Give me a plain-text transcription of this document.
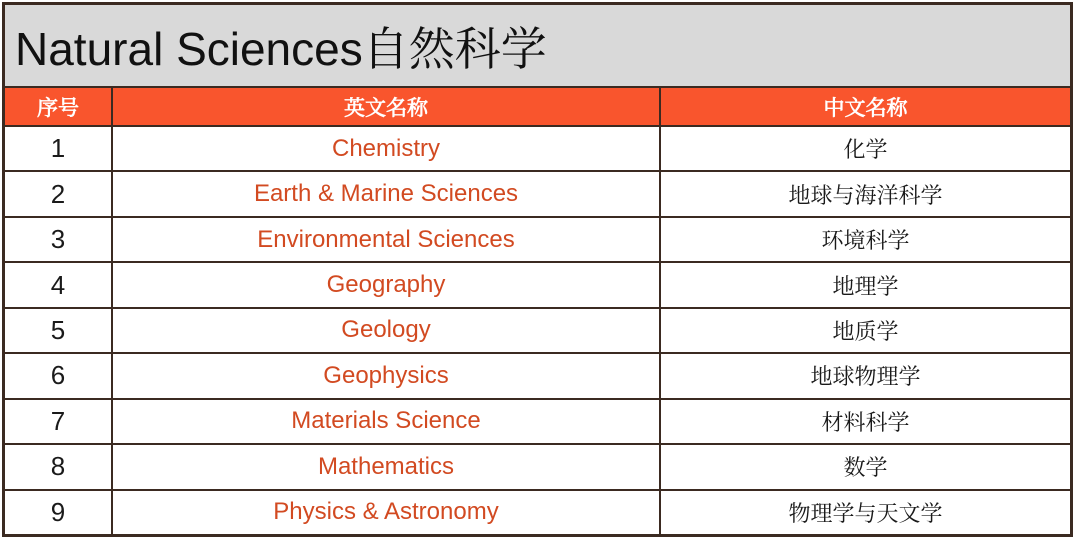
Natural Sciences自然科学
序号	英文名称	中文名称
1	Chemistry	化学
2	Earth & Marine Sciences	地球与海洋科学
3	Environmental Sciences	环境科学
4	Geography	地理学
5	Geology	地质学
6	Geophysics	地球物理学
7	Materials Science	材料科学
8	Mathematics	数学
9	Physics & Astronomy	物理学与天文学
